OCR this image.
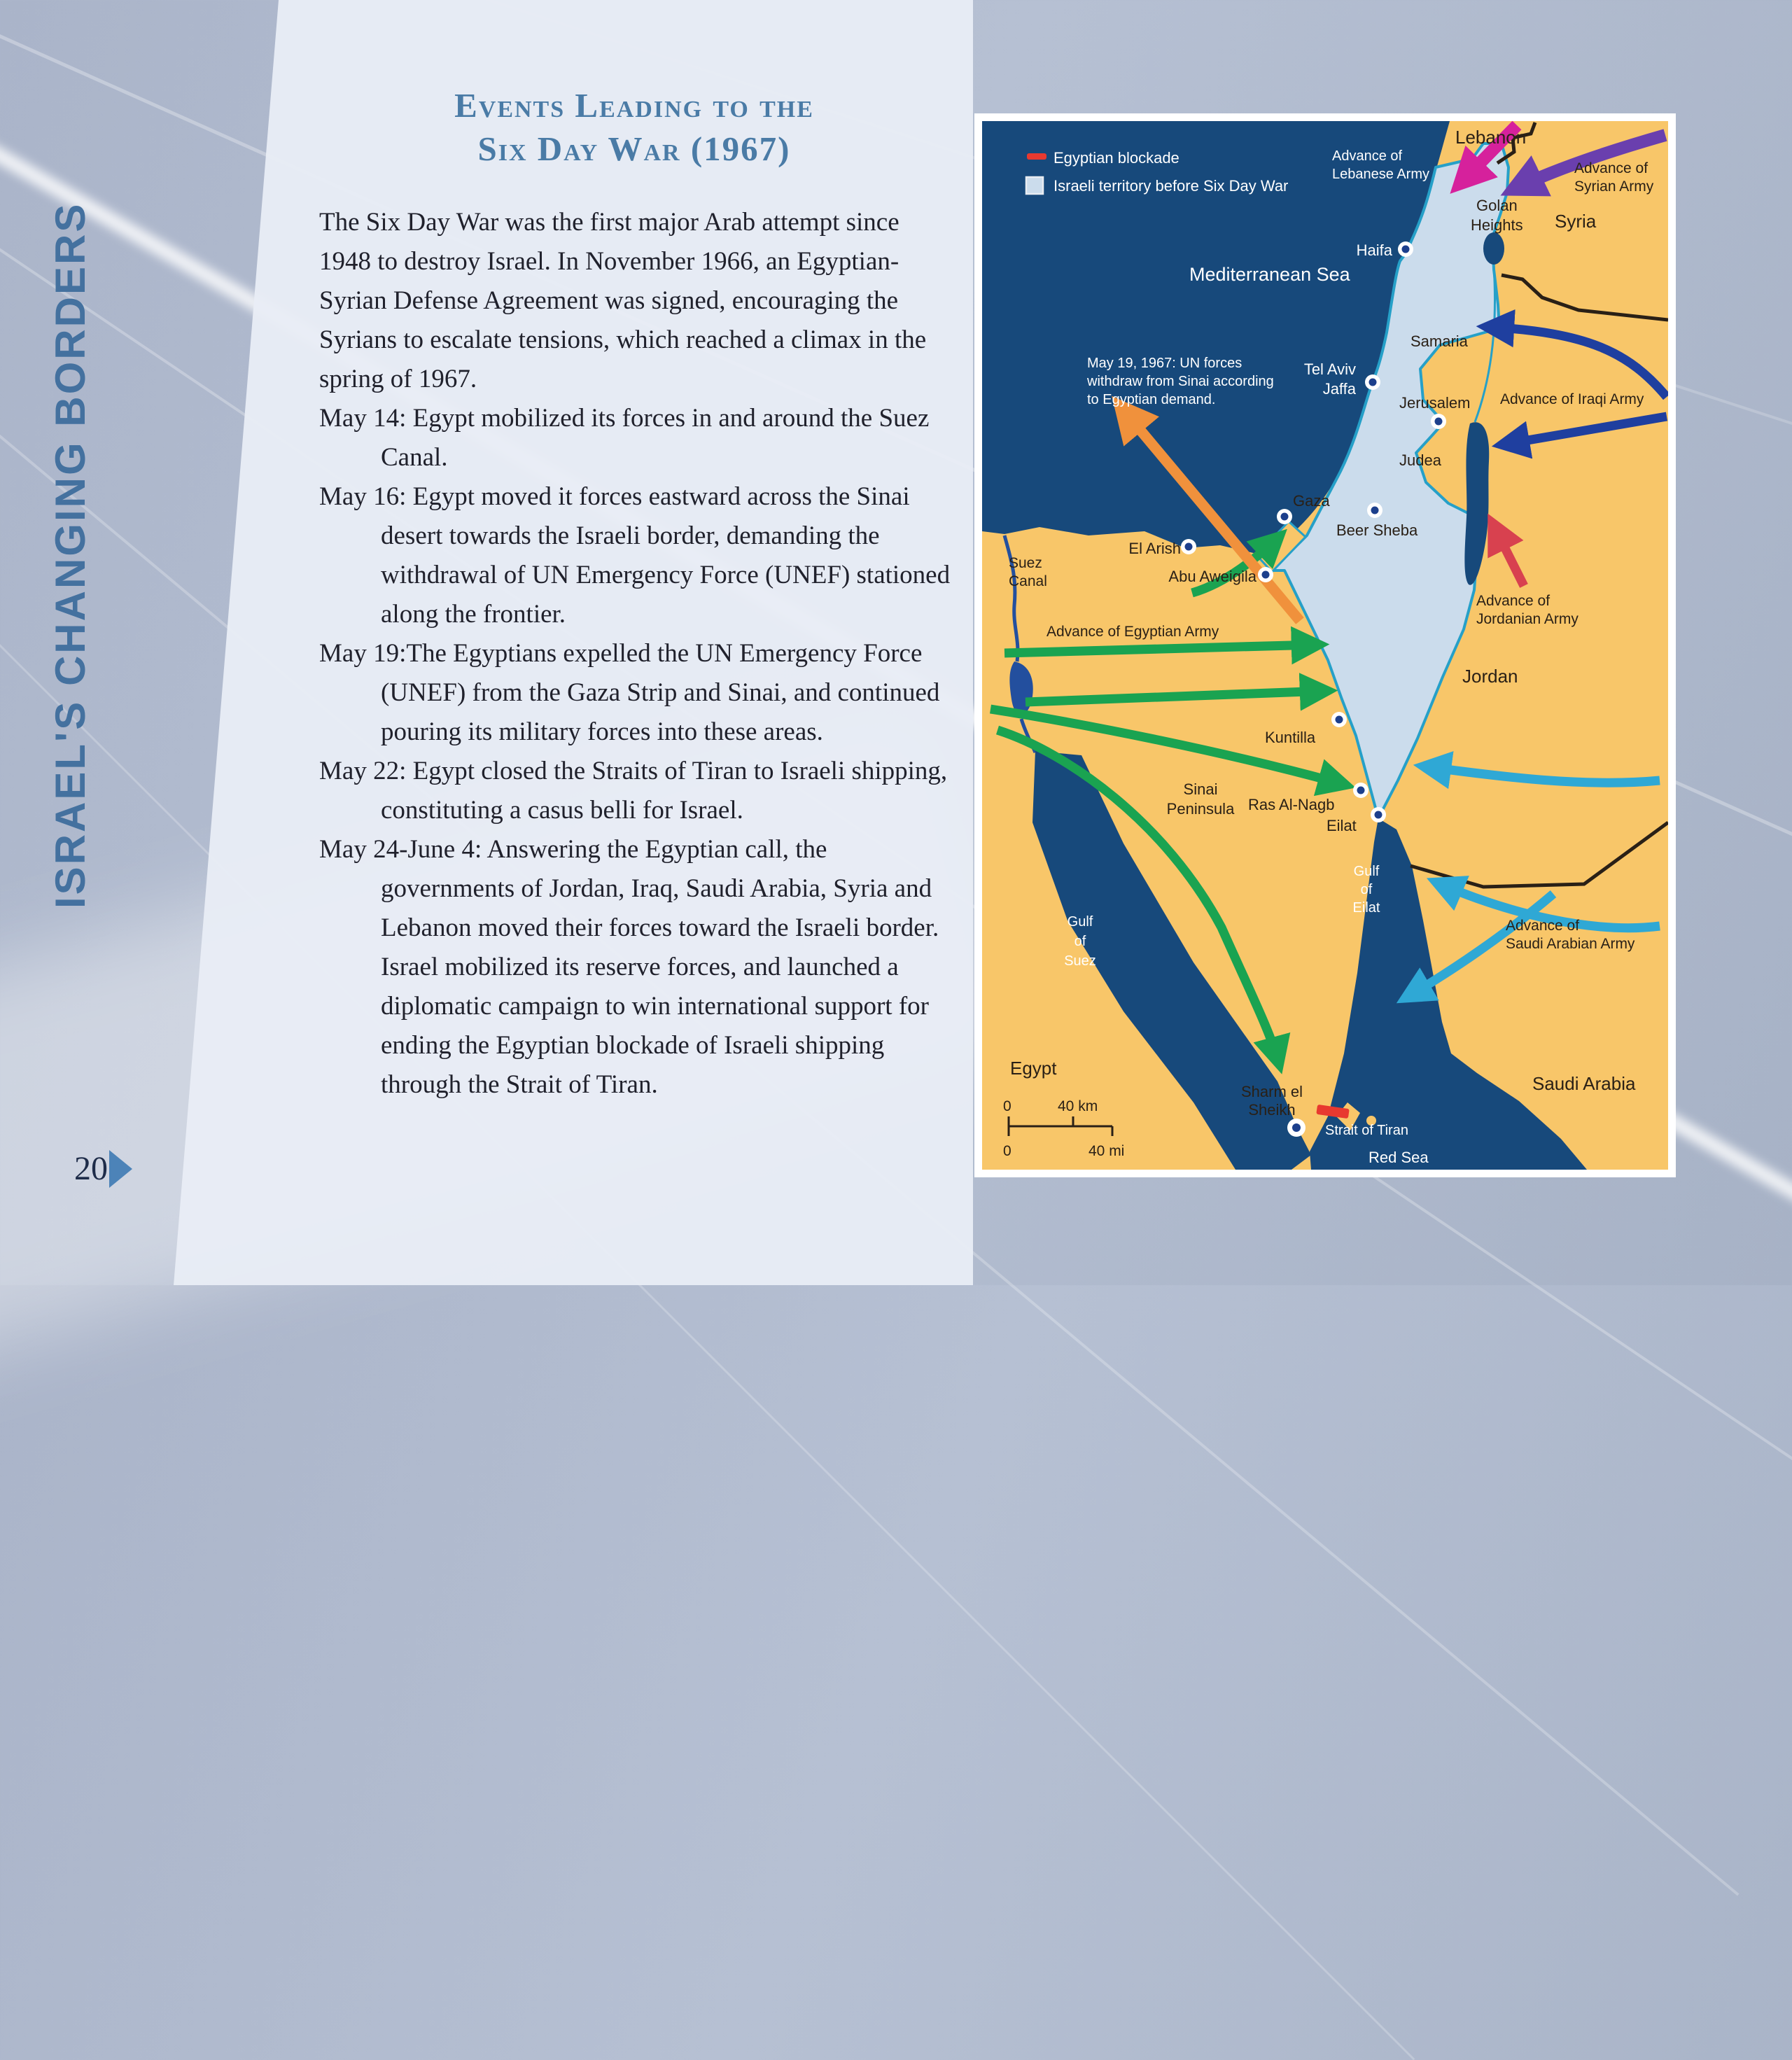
ISRAEL'S CHANGING BORDERS
20
Events Leading to the
Six Day War (1967)
The Six Day War was the first major Arab attempt since 1948 to destroy Israel. In November 1966, an Egyptian-Syrian Defense Agreement was signed, encouraging the Syrians to escalate tensions, which reached a climax in the spring of 1967.
May 14: Egypt mobilized its forces in and around the Suez Canal.
May 16: Egypt moved it forces eastward across the Sinai desert towards the Israeli border, demanding the withdrawal of UN Emergency Force (UNEF) stationed along the frontier.
May 19:The Egyptians expelled the UN Emergency Force (UNEF) from the Gaza Strip and Sinai, and continued pouring its military forces into these areas.
May 22: Egypt closed the Straits of Tiran to Israeli shipping, constituting a casus belli for Israel.
May 24-June 4: Answering the Egyptian call, the governments of Jordan, Iraq, Saudi Arabia, Syria and Lebanon moved their forces toward the Israeli border. Israel mobilized its reserve forces, and launched a diplomatic campaign to win international support for ending the Egyptian blockade of Israeli shipping through the Strait of Tiran.
Egyptian blockade
Israeli territory before Six Day War
Mediterranean Sea
Suez
Canal
Gulf
of
Suez
Gulf
of
Eilat
Strait of Tiran
Red Sea
Lebanon
Syria
Jordan
Egypt
Saudi Arabia
Golan
Heights
Samaria
Judea
Sinai
Peninsula
Advance of
Lebanese Army	Advance of
Syrian Army
Advance of Iraqi Army
Advance of
Jordanian Army
Advance of Egyptian Army
Advance of
Saudi Arabian Army
May 19, 1967: UN forces
withdraw from Sinai according
to Egyptian demand.
Haifa
Tel Aviv
Jaffa
Jerusalem
Gaza
Beer Sheba
El Arish
Abu Aweigila
Kuntilla
Ras Al-Nagb
Eilat
Sharm el
Sheikh
0	40 km
0	40 mi
